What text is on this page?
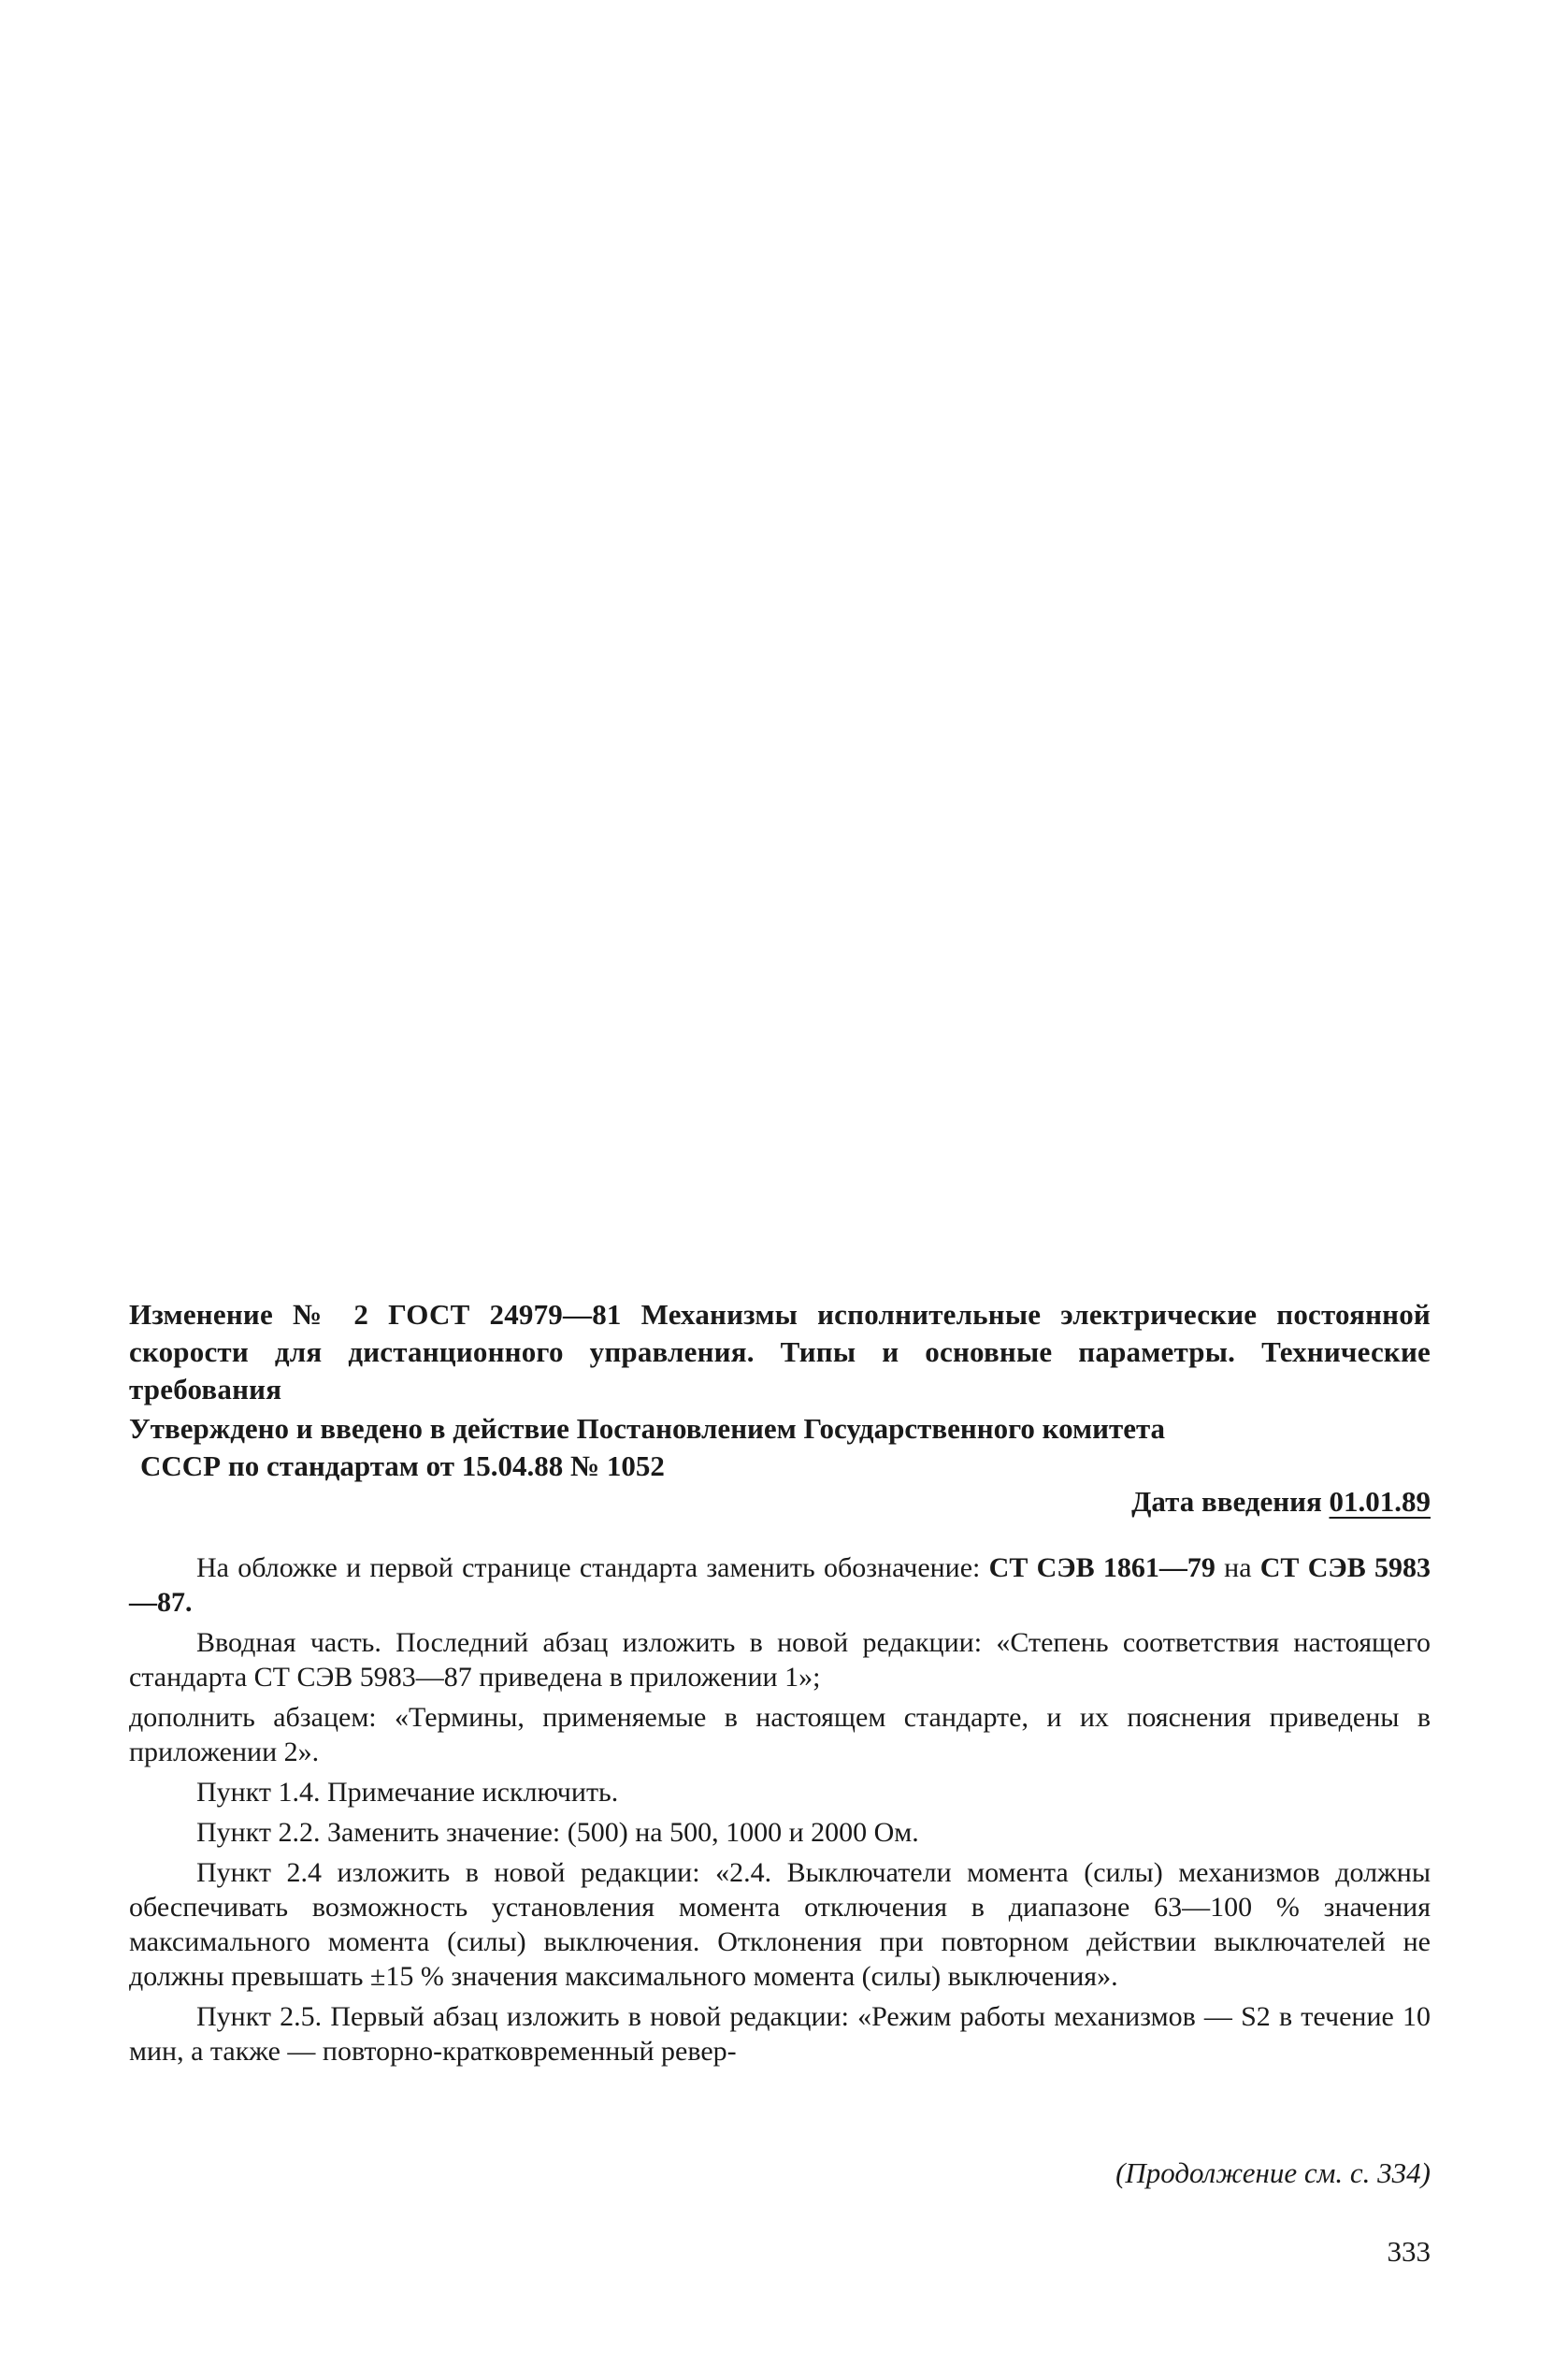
Изменение № 2 ГОСТ 24979—81 Механизмы исполнительные электрические постоянной скорости для дистанционного управления. Типы и основные параметры. Технические требования
Утверждено и введено в действие Постановлением Государственного комитета
СССР по стандартам от 15.04.88 № 1052
Дата введения 01.01.89

На обложке и первой странице стандарта заменить обозначение: СТ СЭВ 1861—79 на СТ СЭВ 5983—87.

Вводная часть. Последний абзац изложить в новой редакции: «Степень соответствия настоящего стандарта СТ СЭВ 5983—87 приведена в приложении 1»;

дополнить абзацем: «Термины, применяемые в настоящем стандарте, и их пояснения приведены в приложении 2».

Пункт 1.4. Примечание исключить.

Пункт 2.2. Заменить значение: (500) на 500, 1000 и 2000 Ом.

Пункт 2.4 изложить в новой редакции: «2.4. Выключатели момента (силы) механизмов должны обеспечивать возможность установления момента отключения в диапазоне 63—100 % значения максимального момента (силы) выключения. Отклонения при повторном действии выключателей не должны превышать ±15 % значения максимального момента (силы) выключения».

Пункт 2.5. Первый абзац изложить в новой редакции: «Режим работы механизмов — S2 в течение 10 мин, а также — повторно-кратковременный ревер-

(Продолжение см. с. 334)
333
